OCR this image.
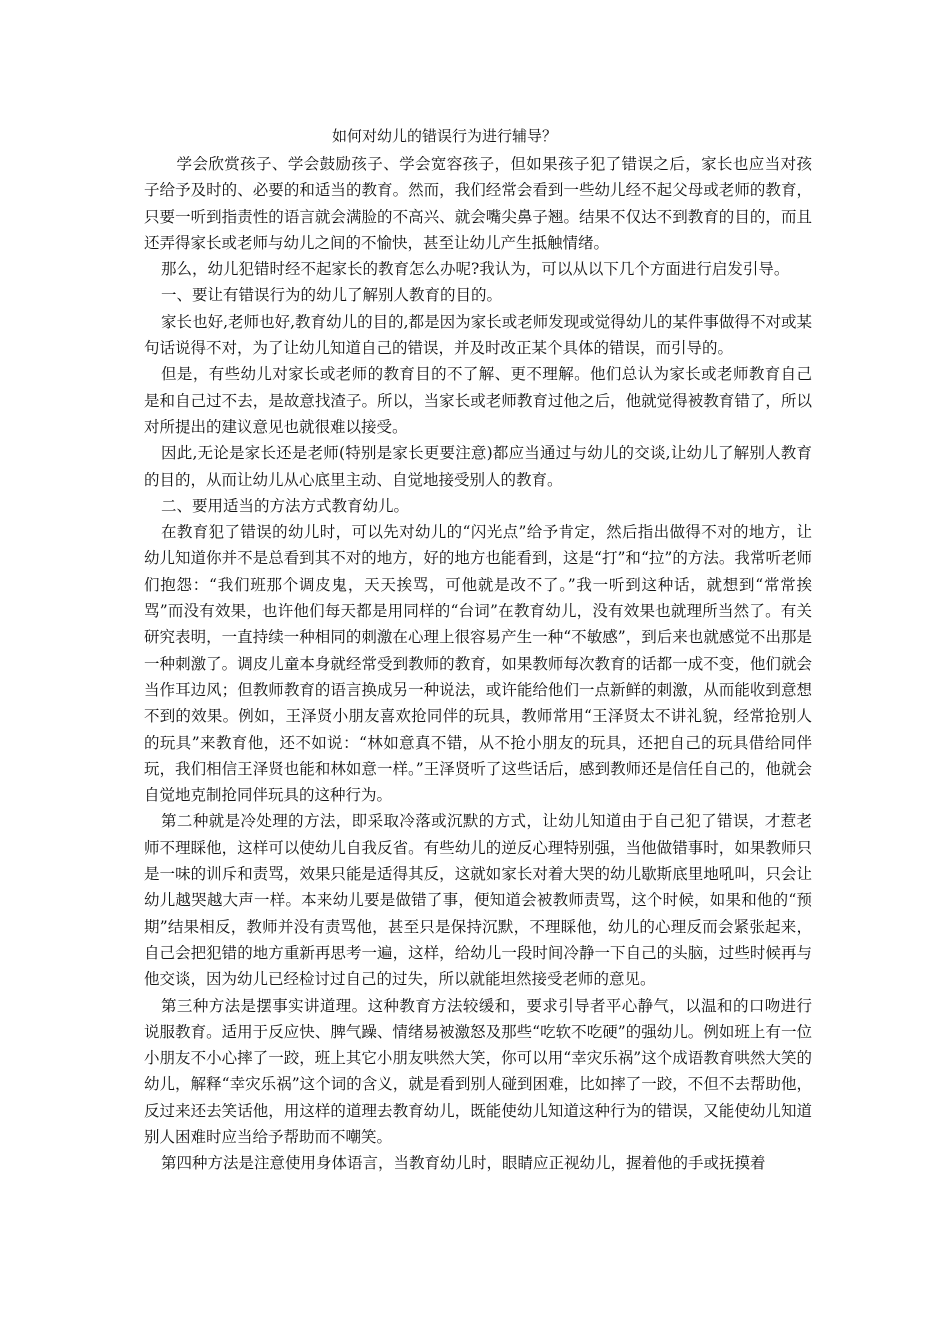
如何对幼儿的错误行为进行辅导？

学会欣赏孩子、学会鼓励孩子、学会宽容孩子，但如果孩子犯了错误之后，家长也应当对孩子给予及时的、必要的和适当的教育。然而，我们经常会看到一些幼儿经不起父母或老师的教育，只要一听到指责性的语言就会满脸的不高兴、就会嘴尖鼻子翘。结果不仅达不到教育的目的，而且还弄得家长或老师与幼儿之间的不愉快，甚至让幼儿产生抵触情绪。

那么，幼儿犯错时经不起家长的教育怎么办呢?我认为，可以从以下几个方面进行启发引导。

一、要让有错误行为的幼儿了解别人教育的目的。

家长也好,老师也好,教育幼儿的目的,都是因为家长或老师发现或觉得幼儿的某件事做得不对或某句话说得不对，为了让幼儿知道自己的错误，并及时改正某个具体的错误，而引导的。

但是，有些幼儿对家长或老师的教育目的不了解、更不理解。他们总认为家长或老师教育自己是和自己过不去，是故意找渣子。所以，当家长或老师教育过他之后，他就觉得被教育错了，所以对所提出的建议意见也就很难以接受。

因此,无论是家长还是老师(特别是家长更要注意)都应当通过与幼儿的交谈,让幼儿了解别人教育的目的，从而让幼儿从心底里主动、自觉地接受别人的教育。

二、要用适当的方法方式教育幼儿。

在教育犯了错误的幼儿时，可以先对幼儿的“闪光点”给予肯定，然后指出做得不对的地方，让幼儿知道你并不是总看到其不对的地方，好的地方也能看到，这是“打”和“拉”的方法。我常听老师们抱怨：“我们班那个调皮鬼，天天挨骂，可他就是改不了。”我一听到这种话，就想到“常常挨骂”而没有效果，也许他们每天都是用同样的“台词”在教育幼儿，没有效果也就理所当然了。有关研究表明，一直持续一种相同的刺激在心理上很容易产生一种“不敏感”，到后来也就感觉不出那是一种刺激了。调皮儿童本身就经常受到教师的教育，如果教师每次教育的话都一成不变，他们就会当作耳边风；但教师教育的语言换成另一种说法，或许能给他们一点新鲜的刺激，从而能收到意想不到的效果。例如，王泽贤小朋友喜欢抢同伴的玩具，教师常用“王泽贤太不讲礼貌，经常抢别人的玩具”来教育他，还不如说：“林如意真不错，从不抢小朋友的玩具，还把自己的玩具借给同伴玩，我们相信王泽贤也能和林如意一样。”王泽贤听了这些话后，感到教师还是信任自己的，他就会自觉地克制抢同伴玩具的这种行为。

第二种就是冷处理的方法，即采取冷落或沉默的方式，让幼儿知道由于自己犯了错误，才惹老师不理睬他，这样可以使幼儿自我反省。有些幼儿的逆反心理特别强，当他做错事时，如果教师只是一味的训斥和责骂，效果只能是适得其反，这就如家长对着大哭的幼儿歇斯底里地吼叫，只会让幼儿越哭越大声一样。本来幼儿要是做错了事，便知道会被教师责骂，这个时候，如果和他的“预期”结果相反，教师并没有责骂他，甚至只是保持沉默，不理睬他，幼儿的心理反而会紧张起来，自己会把犯错的地方重新再思考一遍，这样，给幼儿一段时间冷静一下自己的头脑，过些时候再与他交谈，因为幼儿已经检讨过自己的过失，所以就能坦然接受老师的意见。

第三种方法是摆事实讲道理。这种教育方法较缓和，要求引导者平心静气，以温和的口吻进行说服教育。适用于反应快、脾气躁、情绪易被激怒及那些“吃软不吃硬”的强幼儿。例如班上有一位小朋友不小心摔了一跤，班上其它小朋友哄然大笑，你可以用“幸灾乐祸”这个成语教育哄然大笑的幼儿，解释“幸灾乐祸”这个词的含义，就是看到别人碰到困难，比如摔了一跤，不但不去帮助他，反过来还去笑话他，用这样的道理去教育幼儿，既能使幼儿知道这种行为的错误，又能使幼儿知道别人困难时应当给予帮助而不嘲笑。

第四种方法是注意使用身体语言，当教育幼儿时，眼睛应正视幼儿，握着他的手或抚摸着
